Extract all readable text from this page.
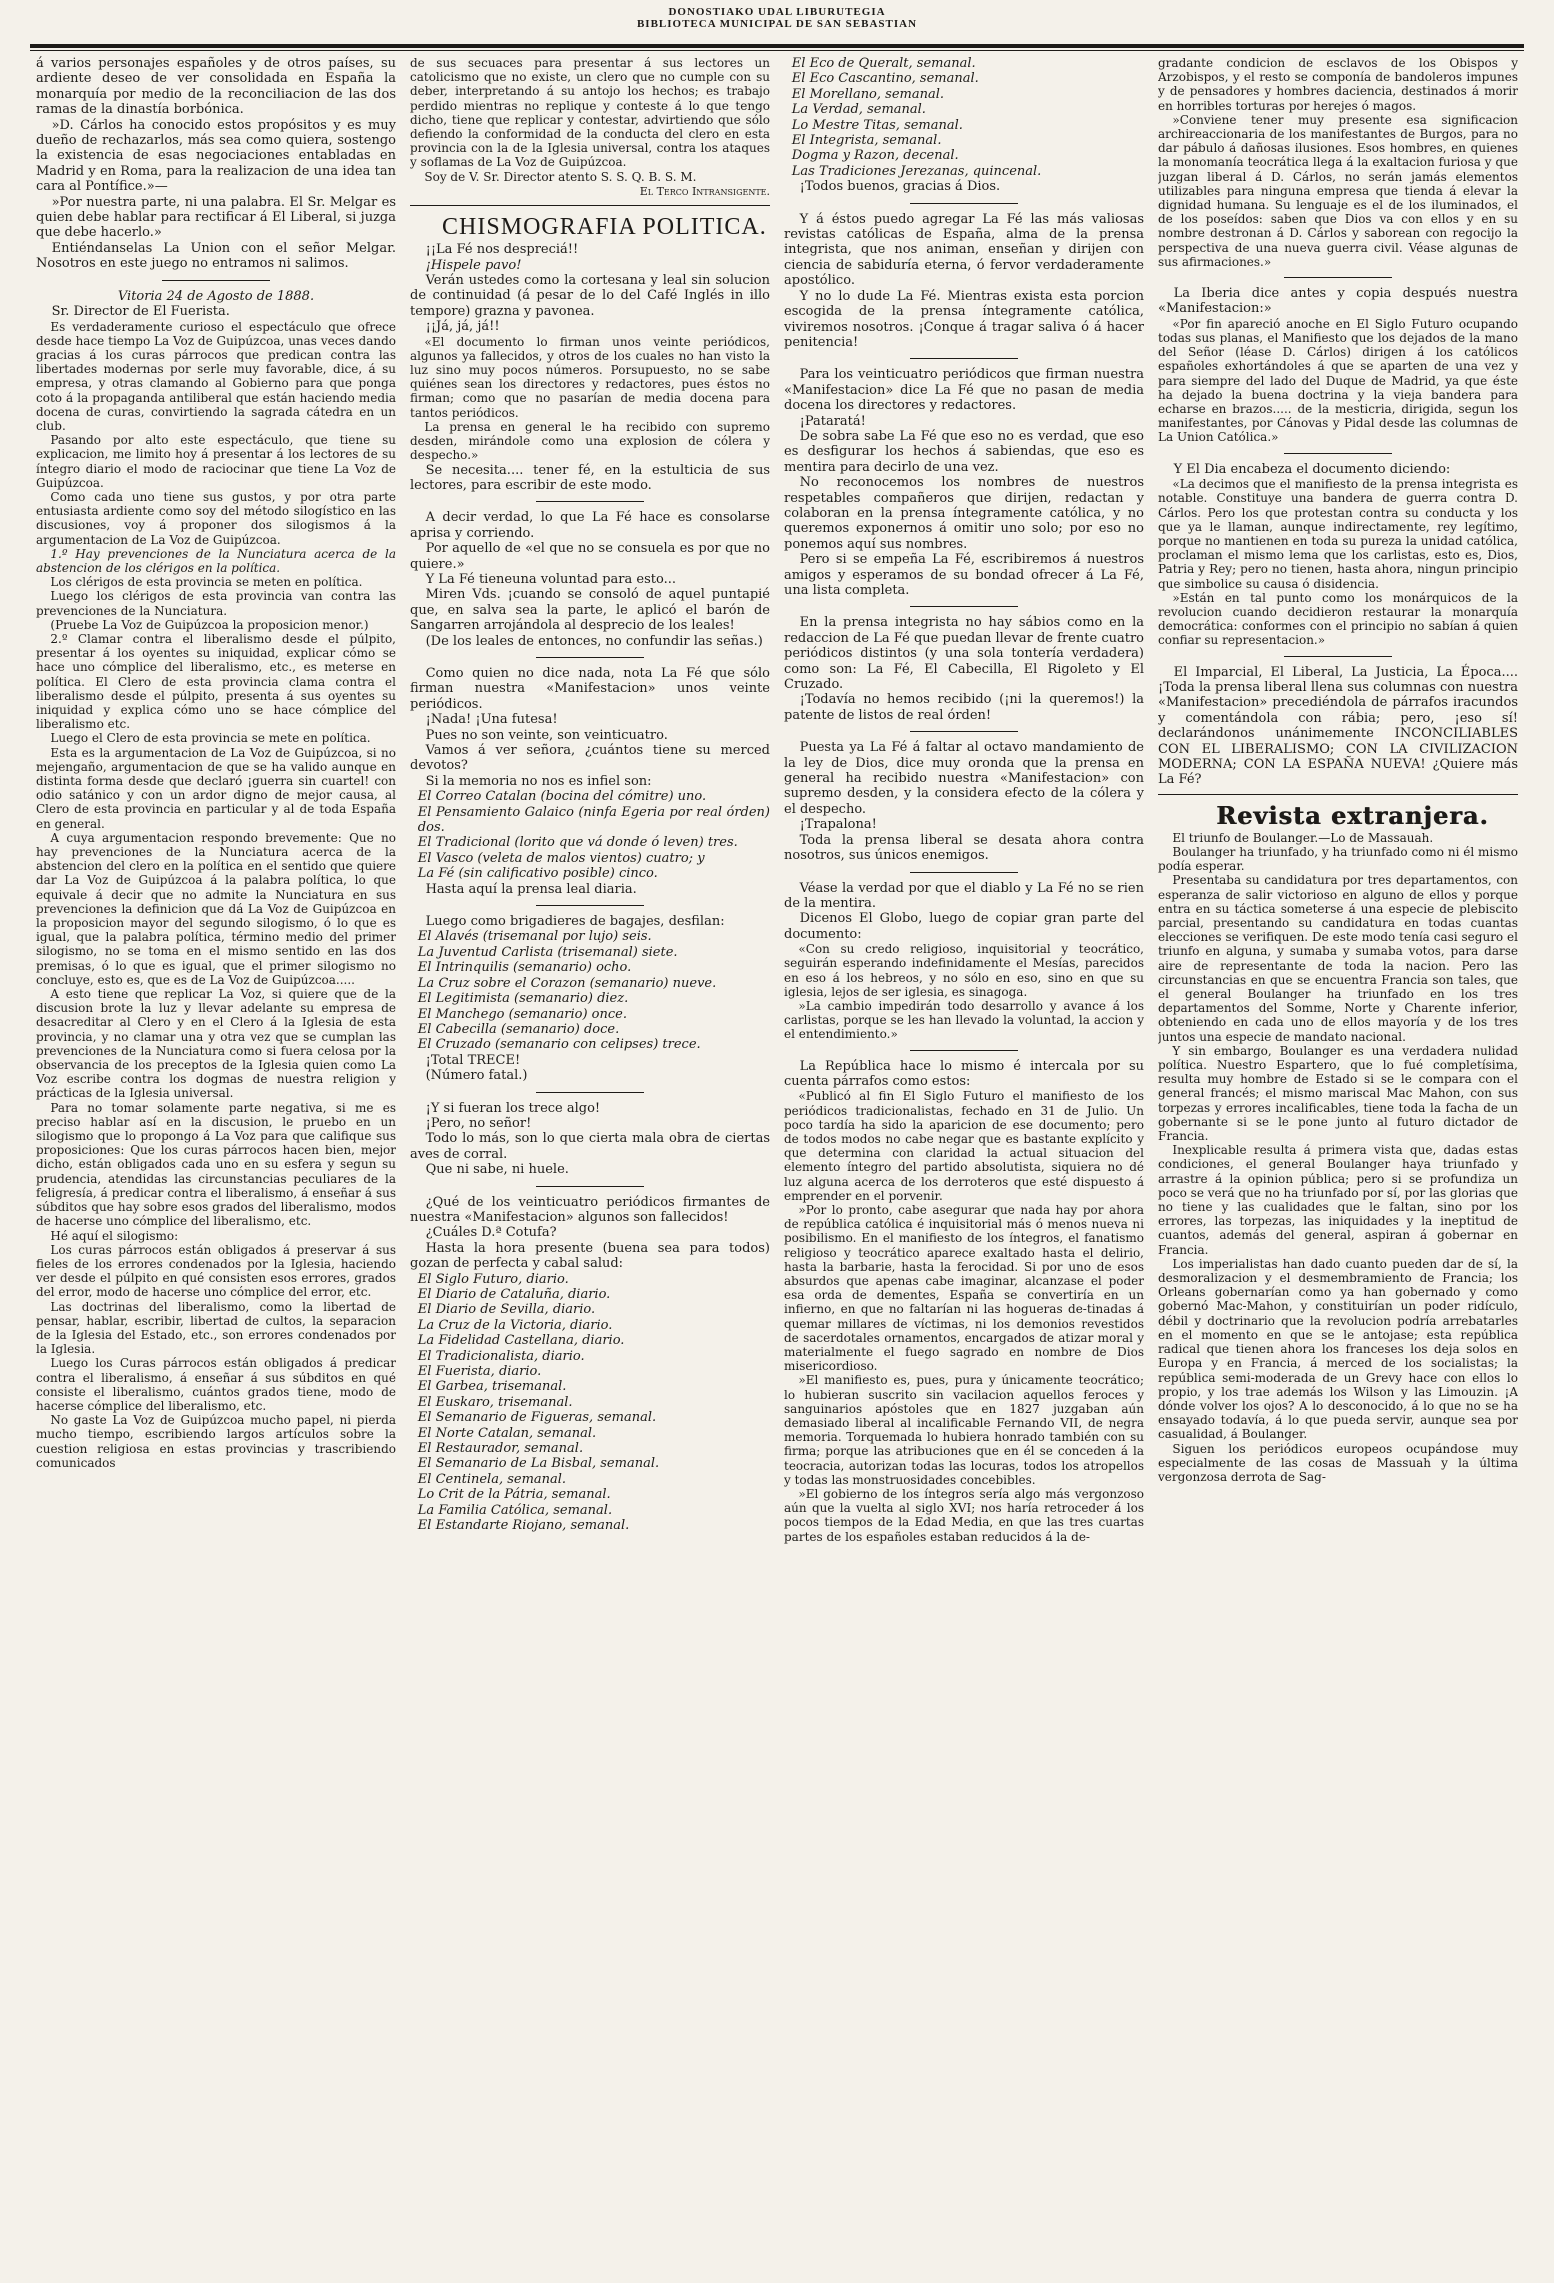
DONOSTIAKO UDAL LIBURUTEGIA
BIBLIOTECA MUNICIPAL DE SAN SEBASTIAN

á varios personajes españoles y de otros países, su ardiente deseo de ver consolidada en España la monarquía por medio de la reconciliacion de las dos ramas de la dinastía borbónica.

»D. Cárlos ha conocido estos propósitos y es muy dueño de rechazarlos, más sea como quiera, sostengo la existencia de esas negociaciones entabladas en Madrid y en Roma, para la realizacion de una idea tan cara al Pontífice.»—

»Por nuestra parte, ni una palabra. El Sr. Melgar es quien debe hablar para rectificar á El Liberal, si juzga que debe hacerlo.»

Entiéndanselas La Union con el señor Melgar. Nosotros en este juego no entramos ni salimos.

Vitoria 24 de Agosto de 1888.

Sr. Director de El Fuerista.

Es verdaderamente curioso el espectáculo que ofrece desde hace tiempo La Voz de Guipúzcoa, unas veces dando gracias á los curas párrocos que predican contra las libertades modernas por serle muy favorable, dice, á su empresa, y otras clamando al Gobierno para que ponga coto á la propaganda antiliberal que están haciendo media docena de curas, convirtiendo la sagrada cátedra en un club.

Pasando por alto este espectáculo, que tiene su explicacion, me limito hoy á presentar á los lectores de su íntegro diario el modo de raciocinar que tiene La Voz de Guipúzcoa.

Como cada uno tiene sus gustos, y por otra parte entusiasta ardiente como soy del método silogístico en las discusiones, voy á proponer dos silogismos á la argumentacion de La Voz de Guipúzcoa.

1.º Hay prevenciones de la Nunciatura acerca de la abstencion de los clérigos en la política.

Los clérigos de esta provincia se meten en política.

Luego los clérigos de esta provincia van contra las prevenciones de la Nunciatura.

(Pruebe La Voz de Guipúzcoa la proposicion menor.)

2.º Clamar contra el liberalismo desde el púlpito, presentar á los oyentes su iniquidad, explicar cómo se hace uno cómplice del liberalismo, etc., es meterse en política. El Clero de esta provincia clama contra el liberalismo desde el púlpito, presenta á sus oyentes su iniquidad y explica cómo uno se hace cómplice del liberalismo etc.

Luego el Clero de esta provincia se mete en política.

Esta es la argumentacion de La Voz de Guipúzcoa, si no mejengaño, argumentacion de que se ha valido aunque en distinta forma desde que declaró ¡guerra sin cuartel! con odio satánico y con un ardor digno de mejor causa, al Clero de esta provincia en particular y al de toda España en general.

A cuya argumentacion respondo brevemente: Que no hay prevenciones de la Nunciatura acerca de la abstencion del clero en la política en el sentido que quiere dar La Voz de Guipúzcoa á la palabra política, lo que equivale á decir que no admite la Nunciatura en sus prevenciones la definicion que dá La Voz de Guipúzcoa en la proposicion mayor del segundo silogismo, ó lo que es igual, que la palabra política, término medio del primer silogismo, no se toma en el mismo sentido en las dos premisas, ó lo que es igual, que el primer silogismo no concluye, esto es, que es de La Voz de Guipúzcoa.....

A esto tiene que replicar La Voz, si quiere que de la discusion brote la luz y llevar adelante su empresa de desacreditar al Clero y en el Clero á la Iglesia de esta provincia, y no clamar una y otra vez que se cumplan las prevenciones de la Nunciatura como si fuera celosa por la observancia de los preceptos de la Iglesia quien como La Voz escribe contra los dogmas de nuestra religion y prácticas de la Iglesia universal.

Para no tomar solamente parte negativa, si me es preciso hablar así en la discusion, le pruebo en un silogismo que lo propongo á La Voz para que califique sus proposiciones: Que los curas párrocos hacen bien, mejor dicho, están obligados cada uno en su esfera y segun su prudencia, atendidas las circunstancias peculiares de la feligresía, á predicar contra el liberalismo, á enseñar á sus súbditos que hay sobre esos grados del liberalismo, modos de hacerse uno cómplice del liberalismo, etc.

Hé aquí el silogismo:

Los curas párrocos están obligados á preservar á sus fieles de los errores condenados por la Iglesia, haciendo ver desde el púlpito en qué consisten esos errores, grados del error, modo de hacerse uno cómplice del error, etc.

Las doctrinas del liberalismo, como la libertad de pensar, hablar, escribir, libertad de cultos, la separacion de la Iglesia del Estado, etc., son errores condenados por la Iglesia.

Luego los Curas párrocos están obligados á predicar contra el liberalismo, á enseñar á sus súbditos en qué consiste el liberalismo, cuántos grados tiene, modo de hacerse cómplice del liberalismo, etc.

No gaste La Voz de Guipúzcoa mucho papel, ni pierda mucho tiempo, escribiendo largos artículos sobre la cuestion religiosa en estas provincias y trascribiendo comunicados

de sus secuaces para presentar á sus lectores un catolicismo que no existe, un clero que no cumple con su deber, interpretando á su antojo los hechos; es trabajo perdido mientras no replique y conteste á lo que tengo dicho, tiene que replicar y contestar, advirtiendo que sólo defiendo la conformidad de la conducta del clero en esta provincia con la de la Iglesia universal, contra los ataques y soflamas de La Voz de Guipúzcoa.

Soy de V. Sr. Director atento S. S. Q. B. S. M.

El Terco Intransigente.

CHISMOGRAFIA POLITICA.

¡¡La Fé nos despreciá!!

¡Hispele pavo!

Verán ustedes como la cortesana y leal sin solucion de continuidad (á pesar de lo del Café Inglés in illo tempore) grazna y pavonea.

¡¡Já, já, já!!

«El documento lo firman unos veinte periódicos, algunos ya fallecidos, y otros de los cuales no han visto la luz sino muy pocos números. Porsupuesto, no se sabe quiénes sean los directores y redactores, pues éstos no firman; como que no pasarían de media docena para tantos periódicos.

La prensa en general le ha recibido con supremo desden, mirándole como una explosion de cólera y despecho.»

Se necesita.... tener fé, en la estulticia de sus lectores, para escribir de este modo.

A decir verdad, lo que La Fé hace es consolarse aprisa y corriendo.

Por aquello de «el que no se consuela es por que no quiere.»

Y La Fé tieneuna voluntad para esto...

Miren Vds. ¡cuando se consoló de aquel puntapié que, en salva sea la parte, le aplicó el barón de Sangarren arrojándola al desprecio de los leales!

(De los leales de entonces, no confundir las señas.)

Como quien no dice nada, nota La Fé que sólo firman nuestra «Manifestacion» unos veinte periódicos.

¡Nada! ¡Una futesa!

Pues no son veinte, son veinticuatro.

Vamos á ver señora, ¿cuántos tiene su merced devotos?

Si la memoria no nos es infiel son:

El Correo Catalan (bocina del cómitre) uno.

El Pensamiento Galaico (ninfa Egeria por real órden) dos.

El Tradicional (lorito que vá donde ó leven) tres.

El Vasco (veleta de malos vientos) cuatro; y

La Fé (sin calificativo posible) cinco.

Hasta aquí la prensa leal diaria.

Luego como brigadieres de bagajes, desfilan:

El Alavés (trisemanal por lujo) seis.

La Juventud Carlista (trisemanal) siete.

El Intrinquilis (semanario) ocho.

La Cruz sobre el Corazon (semanario) nueve.

El Legitimista (semanario) diez.

El Manchego (semanario) once.

El Cabecilla (semanario) doce.

El Cruzado (semanario con celipses) trece.

¡Total TRECE!

(Número fatal.)

¡Y si fueran los trece algo!

¡Pero, no señor!

Todo lo más, son lo que cierta mala obra de ciertas aves de corral.

Que ni sabe, ni huele.

¿Qué de los veinticuatro periódicos firmantes de nuestra «Manifestacion» algunos son fallecidos!

¿Cuáles D.ª Cotufa?

Hasta la hora presente (buena sea para todos) gozan de perfecta y cabal salud:

El Siglo Futuro, diario.

El Diario de Cataluña, diario.

El Diario de Sevilla, diario.

La Cruz de la Victoria, diario.

La Fidelidad Castellana, diario.

El Tradicionalista, diario.

El Fuerista, diario.

El Garbea, trisemanal.

El Euskaro, trisemanal.

El Semanario de Figueras, semanal.

El Norte Catalan, semanal.

El Restaurador, semanal.

El Semanario de La Bisbal, semanal.

El Centinela, semanal.

Lo Crit de la Pátria, semanal.

La Familia Católica, semanal.

El Estandarte Riojano, semanal.

El Eco de Queralt, semanal.

El Eco Cascantino, semanal.

El Morellano, semanal.

La Verdad, semanal.

Lo Mestre Titas, semanal.

El Integrista, semanal.

Dogma y Razon, decenal.

Las Tradiciones Jerezanas, quincenal.

¡Todos buenos, gracias á Dios.

Y á éstos puedo agregar La Fé las más valiosas revistas católicas de España, alma de la prensa integrista, que nos animan, enseñan y dirijen con ciencia de sabiduría eterna, ó fervor verdaderamente apostólico.

Y no lo dude La Fé. Mientras exista esta porcion escogida de la prensa íntegramente católica, viviremos nosotros. ¡Conque á tragar saliva ó á hacer penitencia!

Para los veinticuatro periódicos que firman nuestra «Manifestacion» dice La Fé que no pasan de media docena los directores y redactores.

¡Pataratá!

De sobra sabe La Fé que eso no es verdad, que eso es desfigurar los hechos á sabiendas, que eso es mentira para decirlo de una vez.

No reconocemos los nombres de nuestros respetables compañeros que dirijen, redactan y colaboran en la prensa íntegramente católica, y no queremos exponernos á omitir uno solo; por eso no ponemos aquí sus nombres.

Pero si se empeña La Fé, escribiremos á nuestros amigos y esperamos de su bondad ofrecer á La Fé, una lista completa.

En la prensa integrista no hay sábios como en la redaccion de La Fé que puedan llevar de frente cuatro periódicos distintos (y una sola tontería verdadera) como son: La Fé, El Cabecilla, El Rigoleto y El Cruzado.

¡Todavía no hemos recibido (¡ni la queremos!) la patente de listos de real órden!

Puesta ya La Fé á faltar al octavo mandamiento de la ley de Dios, dice muy oronda que la prensa en general ha recibido nuestra «Manifestacion» con supremo desden, y la considera efecto de la cólera y el despecho.

¡Trapalona!

Toda la prensa liberal se desata ahora contra nosotros, sus únicos enemigos.

Véase la verdad por que el diablo y La Fé no se rien de la mentira.

Dicenos El Globo, luego de copiar gran parte del documento:

«Con su credo religioso, inquisitorial y teocrático, seguirán esperando indefinidamente el Mesías, parecidos en eso á los hebreos, y no sólo en eso, sino en que su iglesia, lejos de ser iglesia, es sinagoga.

»La cambio impedirán todo desarrollo y avance á los carlistas, porque se les han llevado la voluntad, la accion y el entendimiento.»

La República hace lo mismo é intercala por su cuenta párrafos como estos:

«Publicó al fin El Siglo Futuro el manifiesto de los periódicos tradicionalistas, fechado en 31 de Julio. Un poco tardía ha sido la aparicion de ese documento; pero de todos modos no cabe negar que es bastante explícito y que determina con claridad la actual situacion del elemento íntegro del partido absolutista, siquiera no dé luz alguna acerca de los derroteros que esté dispuesto á emprender en el porvenir.

»Por lo pronto, cabe asegurar que nada hay por ahora de república católica é inquisitorial más ó menos nueva ni posibilismo. En el manifiesto de los íntegros, el fanatismo religioso y teocrático aparece exaltado hasta el delirio, hasta la barbarie, hasta la ferocidad. Si por uno de esos absurdos que apenas cabe imaginar, alcanzase el poder esa orda de dementes, España se convertiría en un infierno, en que no faltarían ni las hogueras de-tinadas á quemar millares de víctimas, ni los demonios revestidos de sacerdotales ornamentos, encargados de atizar moral y materialmente el fuego sagrado en nombre de Dios misericordioso.

»El manifiesto es, pues, pura y únicamente teocrático; lo hubieran suscrito sin vacilacion aquellos feroces y sanguinarios apóstoles que en 1827 juzgaban aún demasiado liberal al incalificable Fernando VII, de negra memoria. Torquemada lo hubiera honrado también con su firma; porque las atribuciones que en él se conceden á la teocracia, autorizan todas las locuras, todos los atropellos y todas las monstruosidades concebibles.

»El gobierno de los íntegros sería algo más vergonzoso aún que la vuelta al siglo XVI; nos haría retroceder á los pocos tiempos de la Edad Media, en que las tres cuartas partes de los españoles estaban reducidos á la de-

gradante condicion de esclavos de los Obispos y Arzobispos, y el resto se componía de bandoleros impunes y de pensadores y hombres daciencia, destinados á morir en horribles torturas por herejes ó magos.

»Conviene tener muy presente esa significacion archireaccionaria de los manifestantes de Burgos, para no dar pábulo á dañosas ilusiones. Esos hombres, en quienes la monomanía teocrática llega á la exaltacion furiosa y que juzgan liberal á D. Cárlos, no serán jamás elementos utilizables para ninguna empresa que tienda á elevar la dignidad humana. Su lenguaje es el de los iluminados, el de los poseídos: saben que Dios va con ellos y en su nombre destronan á D. Cárlos y saborean con regocijo la perspectiva de una nueva guerra civil. Véase algunas de sus afirmaciones.»

La Iberia dice antes y copia después nuestra «Manifestacion:»

«Por fin apareció anoche en El Siglo Futuro ocupando todas sus planas, el Manifiesto que los dejados de la mano del Señor (léase D. Cárlos) dirigen á los católicos españoles exhortándoles á que se aparten de una vez y para siempre del lado del Duque de Madrid, ya que éste ha dejado la buena doctrina y la vieja bandera para echarse en brazos..... de la mesticria, dirigida, segun los manifestantes, por Cánovas y Pidal desde las columnas de La Union Católica.»

Y El Dia encabeza el documento diciendo:

«La decimos que el manifiesto de la prensa integrista es notable. Constituye una bandera de guerra contra D. Cárlos. Pero los que protestan contra su conducta y los que ya le llaman, aunque indirectamente, rey legítimo, porque no mantienen en toda su pureza la unidad católica, proclaman el mismo lema que los carlistas, esto es, Dios, Patria y Rey; pero no tienen, hasta ahora, ningun principio que simbolice su causa ó disidencia.

»Están en tal punto como los monárquicos de la revolucion cuando decidieron restaurar la monarquía democrática: conformes con el principio no sabían á quien confiar su representacion.»

El Imparcial, El Liberal, La Justicia, La Época.... ¡Toda la prensa liberal llena sus columnas con nuestra «Manifestacion» precediéndola de párrafos iracundos y comentándola con rábia; pero, ¡eso sí! declarándonos unánimemente INCONCILIABLES CON EL LIBERALISMO; CON LA CIVILIZACION MODERNA; CON LA ESPAÑA NUEVA! ¿Quiere más La Fé?

Revista extranjera.

El triunfo de Boulanger.—Lo de Massauah.

Boulanger ha triunfado, y ha triunfado como ni él mismo podía esperar.

Presentaba su candidatura por tres departamentos, con esperanza de salir victorioso en alguno de ellos y porque entra en su táctica someterse á una especie de plebiscito parcial, presentando su candidatura en todas cuantas elecciones se verifiquen. De este modo tenía casi seguro el triunfo en alguna, y sumaba y sumaba votos, para darse aire de representante de toda la nacion. Pero las circunstancias en que se encuentra Francia son tales, que el general Boulanger ha triunfado en los tres departamentos del Somme, Norte y Charente inferior, obteniendo en cada uno de ellos mayoría y de los tres juntos una especie de mandato nacional.

Y sin embargo, Boulanger es una verdadera nulidad política. Nuestro Espartero, que lo fué completísima, resulta muy hombre de Estado si se le compara con el general francés; el mismo mariscal Mac Mahon, con sus torpezas y errores incalificables, tiene toda la facha de un gobernante si se le pone junto al futuro dictador de Francia.

Inexplicable resulta á primera vista que, dadas estas condiciones, el general Boulanger haya triunfado y arrastre á la opinion pública; pero si se profundiza un poco se verá que no ha triunfado por sí, por las glorias que no tiene y las cualidades que le faltan, sino por los errores, las torpezas, las iniquidades y la ineptitud de cuantos, además del general, aspiran á gobernar en Francia.

Los imperialistas han dado cuanto pueden dar de sí, la desmoralizacion y el desmembramiento de Francia; los Orleans gobernarían como ya han gobernado y como gobernó Mac-Mahon, y constituirían un poder ridículo, débil y doctrinario que la revolucion podría arrebatarles en el momento en que se le antojase; esta república radical que tienen ahora los franceses los deja solos en Europa y en Francia, á merced de los socialistas; la república semi-moderada de un Grevy hace con ellos lo propio, y los trae además los Wilson y las Limouzin. ¡A dónde volver los ojos? A lo desconocido, á lo que no se ha ensayado todavía, á lo que pueda servir, aunque sea por casualidad, á Boulanger.

Siguen los periódicos europeos ocupándose muy especialmente de las cosas de Massuah y la última vergonzosa derrota de Sag-
